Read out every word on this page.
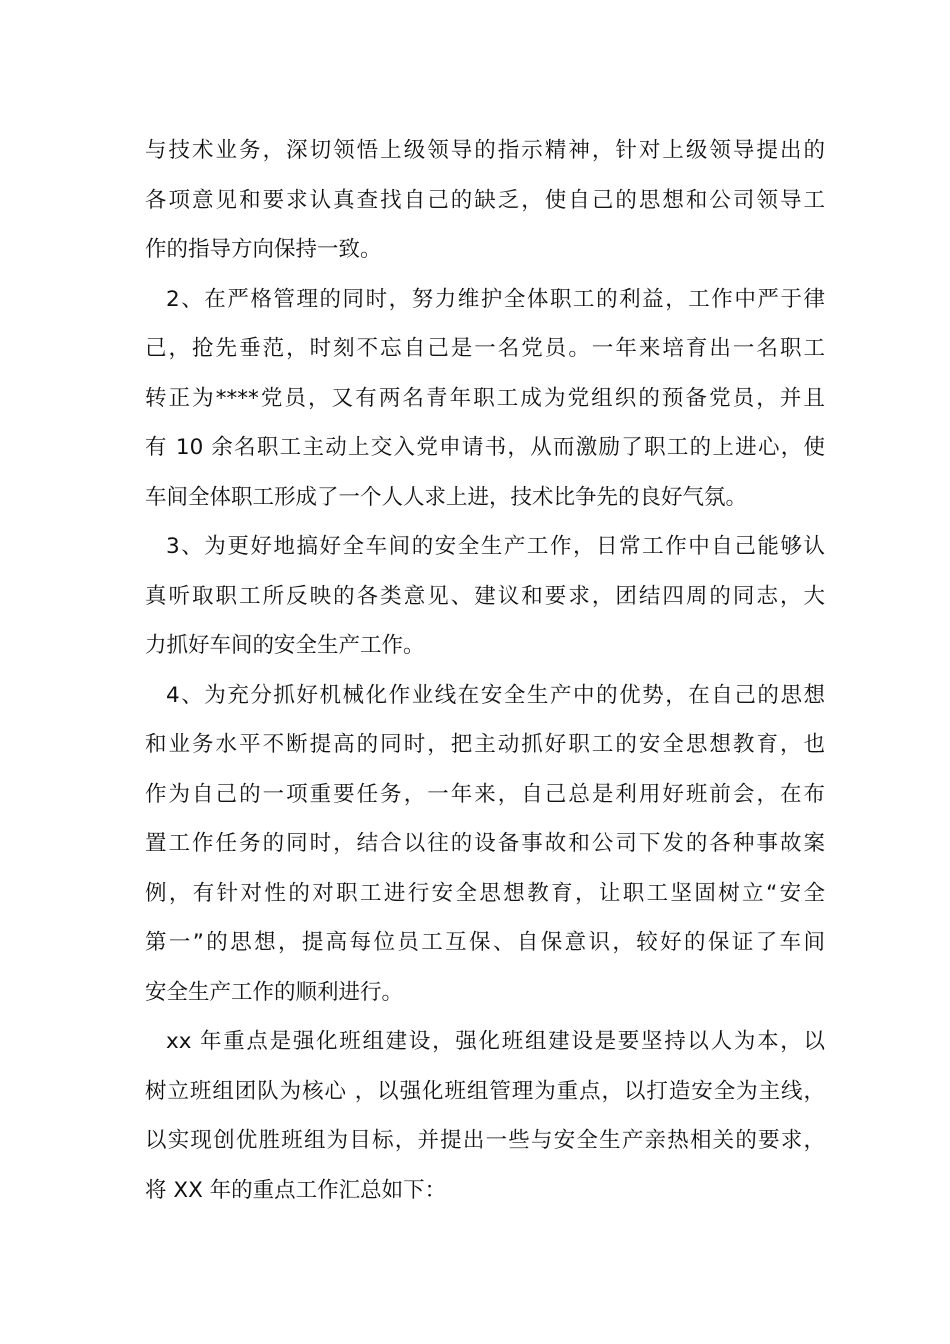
与技术业务，深切领悟上级领导的指示精神，针对上级领导提出的
各项意见和要求认真查找自己的缺乏，使自己的思想和公司领导工
作的指导方向保持一致。
2、在严格管理的同时，努力维护全体职工的利益，工作中严于律
己，抢先垂范，时刻不忘自己是一名党员。一年来培育出一名职工
转正为****党员，又有两名青年职工成为党组织的预备党员，并且
有 10 余名职工主动上交入党申请书，从而激励了职工的上进心，使
车间全体职工形成了一个人人求上进，技术比争先的良好气氛。
3、为更好地搞好全车间的安全生产工作，日常工作中自己能够认
真听取职工所反映的各类意见、建议和要求，团结四周的同志，大
力抓好车间的安全生产工作。
4、为充分抓好机械化作业线在安全生产中的优势，在自己的思想
和业务水平不断提高的同时，把主动抓好职工的安全思想教育，也
作为自己的一项重要任务，一年来，自己总是利用好班前会，在布
置工作任务的同时，结合以往的设备事故和公司下发的各种事故案
例，有针对性的对职工进行安全思想教育，让职工坚固树立“安全
第一”的思想，提高每位员工互保、自保意识，较好的保证了车间
安全生产工作的顺利进行。
xx 年重点是强化班组建设，强化班组建设是要坚持以人为本，以
树立班组团队为核心 ，以强化班组管理为重点，以打造安全为主线，
以实现创优胜班组为目标，并提出一些与安全生产亲热相关的要求，
将 XX 年的重点工作汇总如下：
